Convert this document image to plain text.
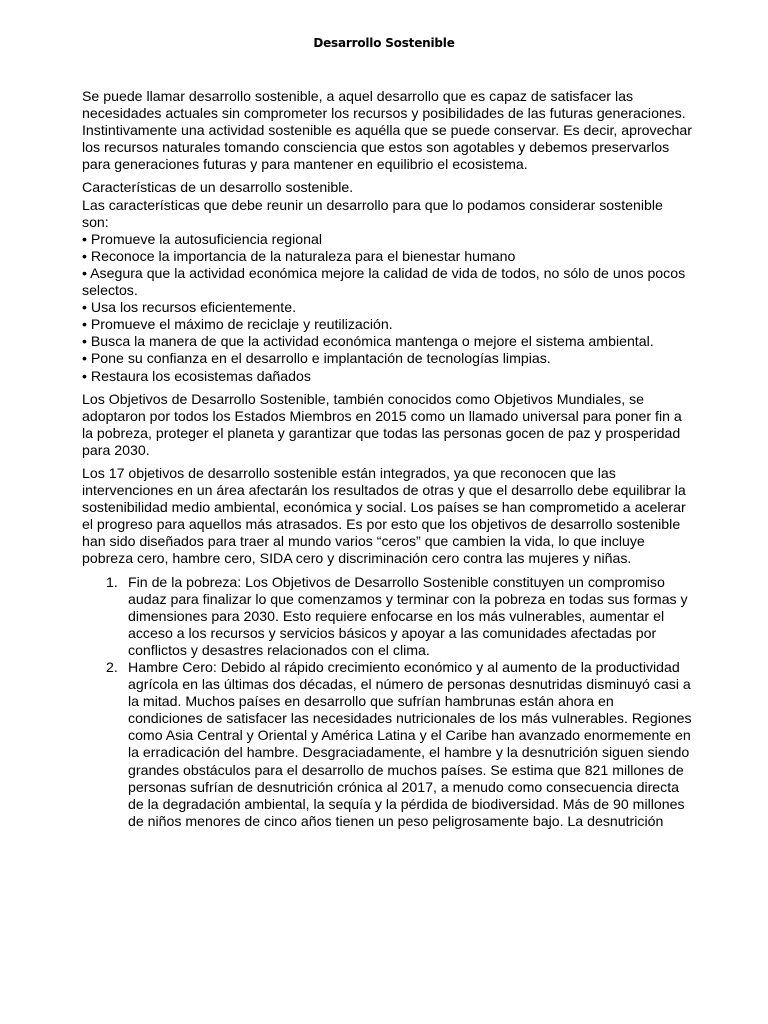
Desarrollo Sostenible

Se puede llamar desarrollo sostenible, a aquel desarrollo que es capaz de satisfacer las necesidades actuales sin comprometer los recursos y posibilidades de las futuras generaciones. Instintivamente una actividad sostenible es aquélla que se puede conservar. Es decir, aprovechar los recursos naturales tomando consciencia que estos son agotables y debemos preservarlos para generaciones futuras y para mantener en equilibrio el ecosistema.

Características de un desarrollo sostenible.
Las características que debe reunir un desarrollo para que lo podamos considerar sostenible son:
• Promueve la autosuficiencia regional
• Reconoce la importancia de la naturaleza para el bienestar humano
• Asegura que la actividad económica mejore la calidad de vida de todos, no sólo de unos pocos selectos.
• Usa los recursos eficientemente.
• Promueve el máximo de reciclaje y reutilización.
• Busca la manera de que la actividad económica mantenga o mejore el sistema ambiental.
• Pone su confianza en el desarrollo e implantación de tecnologías limpias.
• Restaura los ecosistemas dañados

Los Objetivos de Desarrollo Sostenible, también conocidos como Objetivos Mundiales, se adoptaron por todos los Estados Miembros en 2015 como un llamado universal para poner fin a la pobreza, proteger el planeta y garantizar que todas las personas gocen de paz y prosperidad para 2030.

Los 17 objetivos de desarrollo sostenible están integrados, ya que reconocen que las intervenciones en un área afectarán los resultados de otras y que el desarrollo debe equilibrar la sostenibilidad medio ambiental, económica y social. Los países se han comprometido a acelerar el progreso para aquellos más atrasados. Es por esto que los objetivos de desarrollo sostenible han sido diseñados para traer al mundo varios “ceros” que cambien la vida, lo que incluye pobreza cero, hambre cero, SIDA cero y discriminación cero contra las mujeres y niñas.

1. Fin de la pobreza: Los Objetivos de Desarrollo Sostenible constituyen un compromiso audaz para finalizar lo que comenzamos y terminar con la pobreza en todas sus formas y dimensiones para 2030. Esto requiere enfocarse en los más vulnerables, aumentar el acceso a los recursos y servicios básicos y apoyar a las comunidades afectadas por conflictos y desastres relacionados con el clima.
2. Hambre Cero: Debido al rápido crecimiento económico y al aumento de la productividad agrícola en las últimas dos décadas, el número de personas desnutridas disminuyó casi a la mitad. Muchos países en desarrollo que sufrían hambrunas están ahora en condiciones de satisfacer las necesidades nutricionales de los más vulnerables. Regiones como Asia Central y Oriental y América Latina y el Caribe han avanzado enormemente en la erradicación del hambre. Desgraciadamente, el hambre y la desnutrición siguen siendo grandes obstáculos para el desarrollo de muchos países. Se estima que 821 millones de personas sufrían de desnutrición crónica al 2017, a menudo como consecuencia directa de la degradación ambiental, la sequía y la pérdida de biodiversidad. Más de 90 millones de niños menores de cinco años tienen un peso peligrosamente bajo. La desnutrición
